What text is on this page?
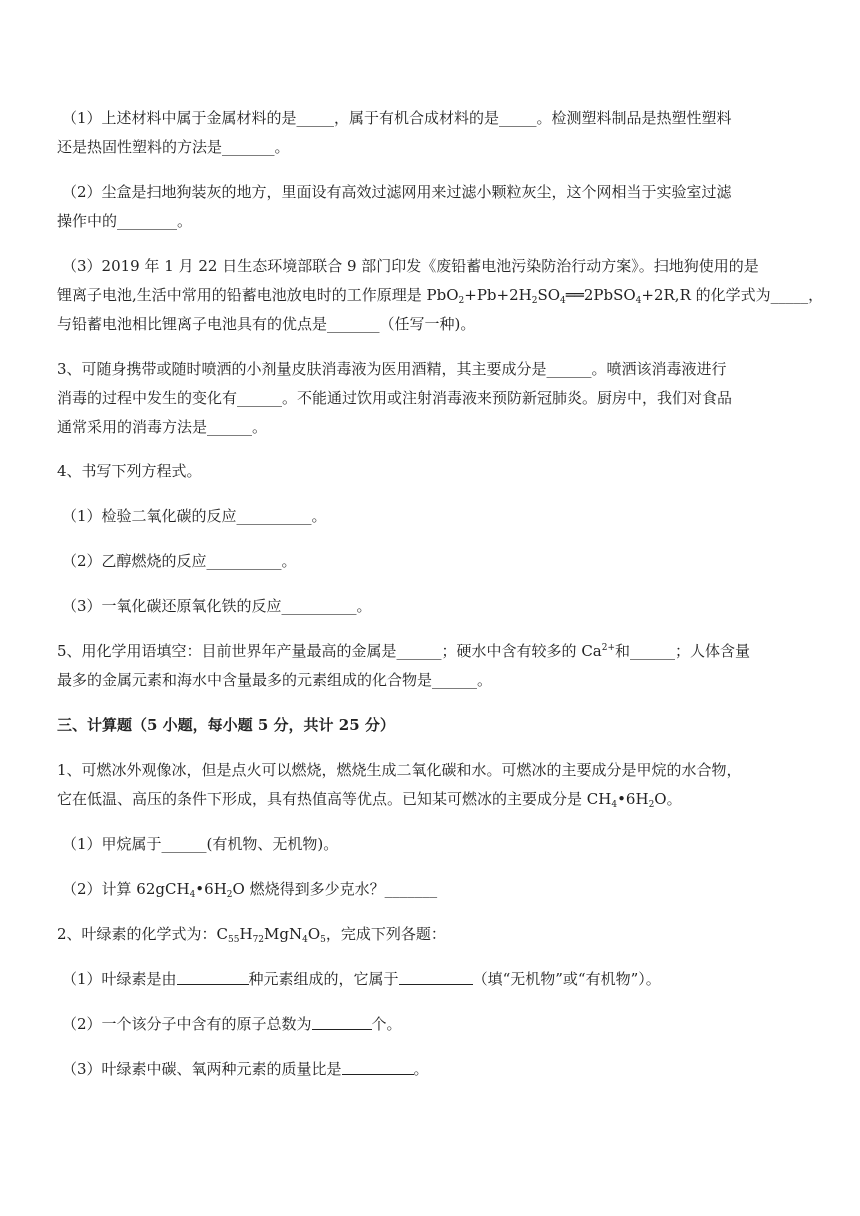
（1）上述材料中属于金属材料的是_____，属于有机合成材料的是_____。检测塑料制品是热塑性塑料
还是热固性塑料的方法是_______。
（2）尘盒是扫地狗装灰的地方，里面设有高效过滤网用来过滤小颗粒灰尘，这个网相当于实验室过滤
操作中的________。
（3）2019 年 1 月 22 日生态环境部联合 9 部门印发《废铅蓄电池污染防治行动方案》。扫地狗使用的是
锂离子电池,生活中常用的铅蓄电池放电时的工作原理是 $PbO_2+Pb+2H_2SO_4══2PbSO_4+2R,R$ 的化学式为_____，
与铅蓄电池相比锂离子电池具有的优点是_______（任写一种)。
3、可随身携带或随时喷洒的小剂量皮肤消毒液为医用酒精，其主要成分是______。喷洒该消毒液进行
消毒的过程中发生的变化有______。不能通过饮用或注射消毒液来预防新冠肺炎。厨房中，我们对食品
通常采用的消毒方法是______。
4、书写下列方程式。
（1）检验二氧化碳的反应__________。
（2）乙醇燃烧的反应__________。
（3）一氧化碳还原氧化铁的反应__________。
5、用化学用语填空：目前世界年产量最高的金属是______；硬水中含有较多的 $Ca^{2+}$和______；人体含量
最多的金属元素和海水中含量最多的元素组成的化合物是______。
三、计算题（5 小题，每小题 5 分，共计 25 分）
1、可燃冰外观像冰，但是点火可以燃烧，燃烧生成二氧化碳和水。可燃冰的主要成分是甲烷的水合物，
它在低温、高压的条件下形成，具有热值高等优点。已知某可燃冰的主要成分是 $CH_4•6H_2O$。
（1）甲烷属于______(有机物、无机物)。
（2）计算 $62gCH_4•6H_2O$ 燃烧得到多少克水？_______
2、叶绿素的化学式为：$C_{55}H_{72}MgN_4O_5$，完成下列各题：
（1）叶绿素是由	种元素组成的，它属于	（填“无机物”或“有机物”）。
（2）一个该分子中含有的原子总数为	个。
（3）叶绿素中碳、氧两种元素的质量比是	。
